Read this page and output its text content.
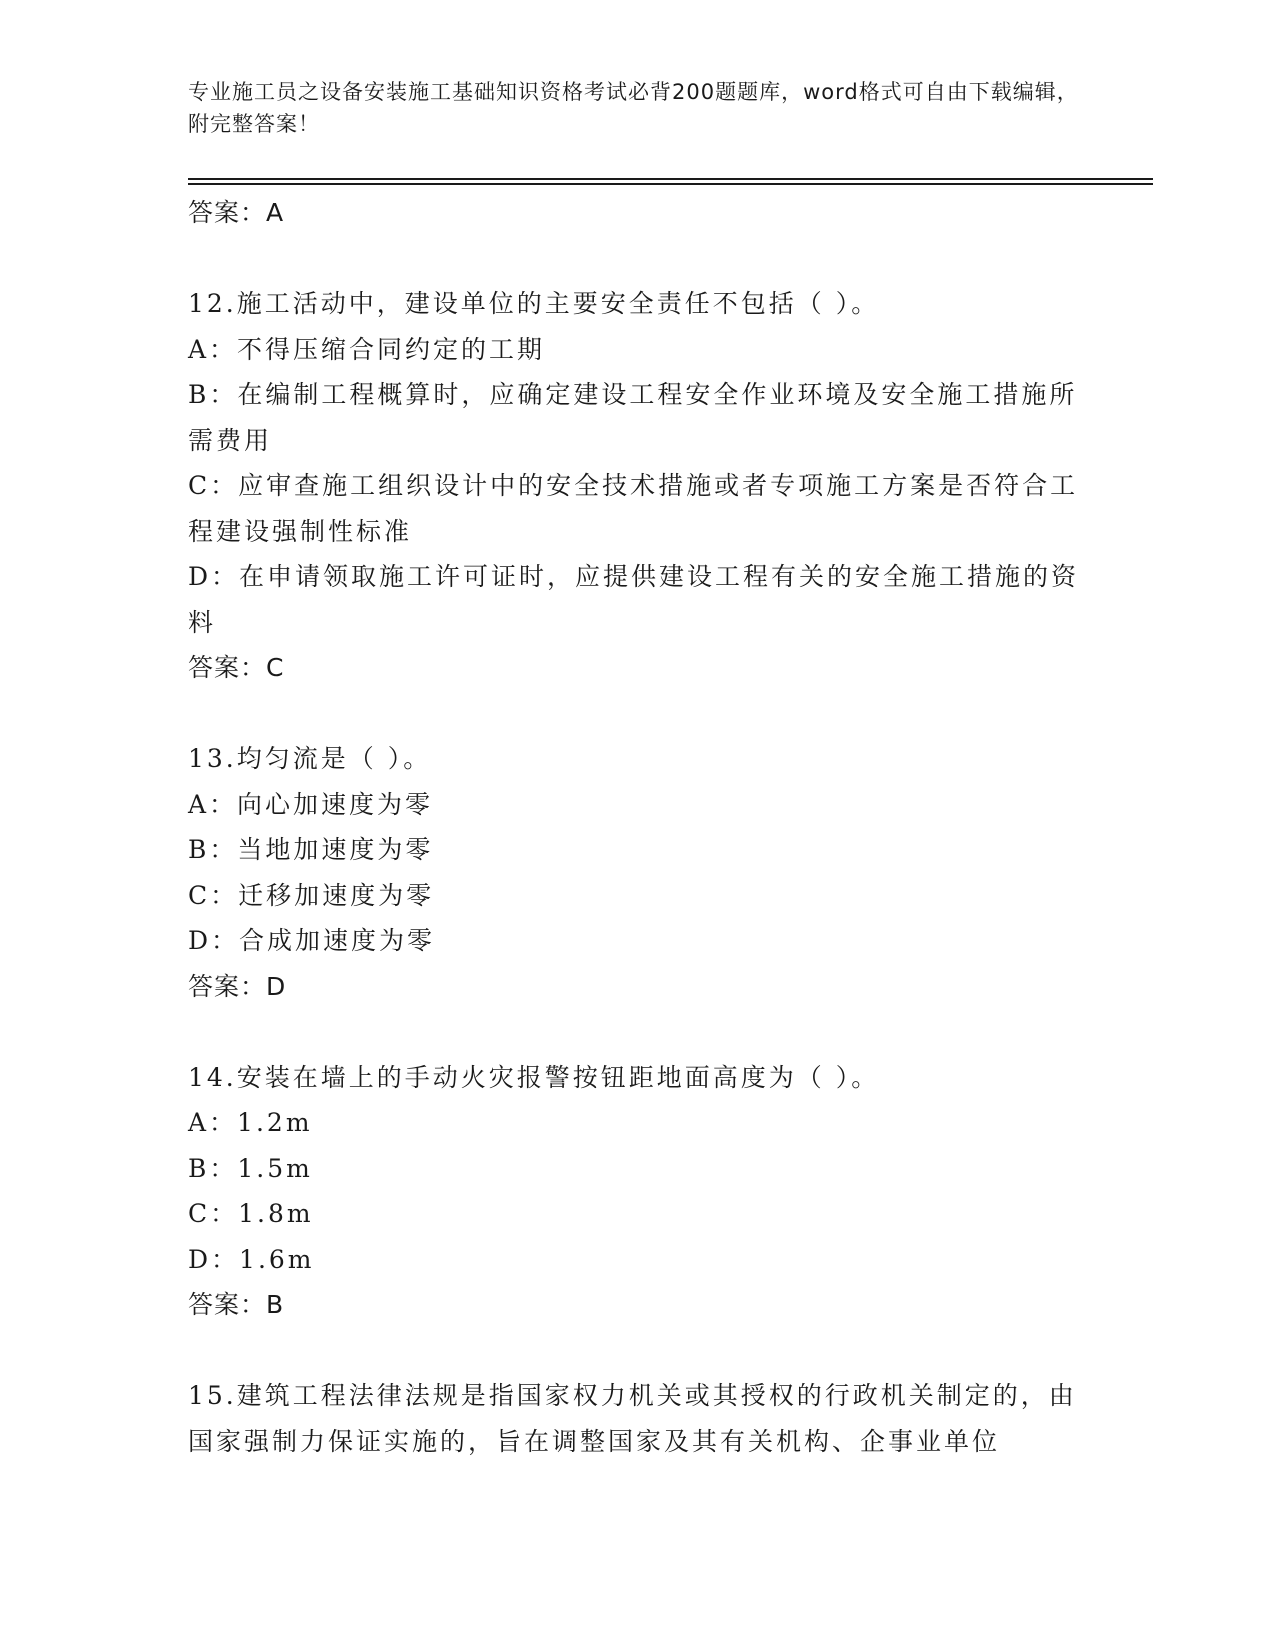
专业施工员之设备安装施工基础知识资格考试必背200题题库，word格式可自由下载编辑，附完整答案！
答案：A
12.施工活动中，建设单位的主要安全责任不包括（ ）。
A：不得压缩合同约定的工期
B：在编制工程概算时，应确定建设工程安全作业环境及安全施工措施所需费用
C：应审查施工组织设计中的安全技术措施或者专项施工方案是否符合工程建设强制性标准
D：在申请领取施工许可证时，应提供建设工程有关的安全施工措施的资料
答案：C
13.均匀流是（ ）。
A：向心加速度为零
B：当地加速度为零
C：迁移加速度为零
D：合成加速度为零
答案：D
14.安装在墙上的手动火灾报警按钮距地面高度为（ ）。
A：1.2m
B：1.5m
C：1.8m
D：1.6m
答案：B
15.建筑工程法律法规是指国家权力机关或其授权的行政机关制定的，由国家强制力保证实施的，旨在调整国家及其有关机构、企事业单位
